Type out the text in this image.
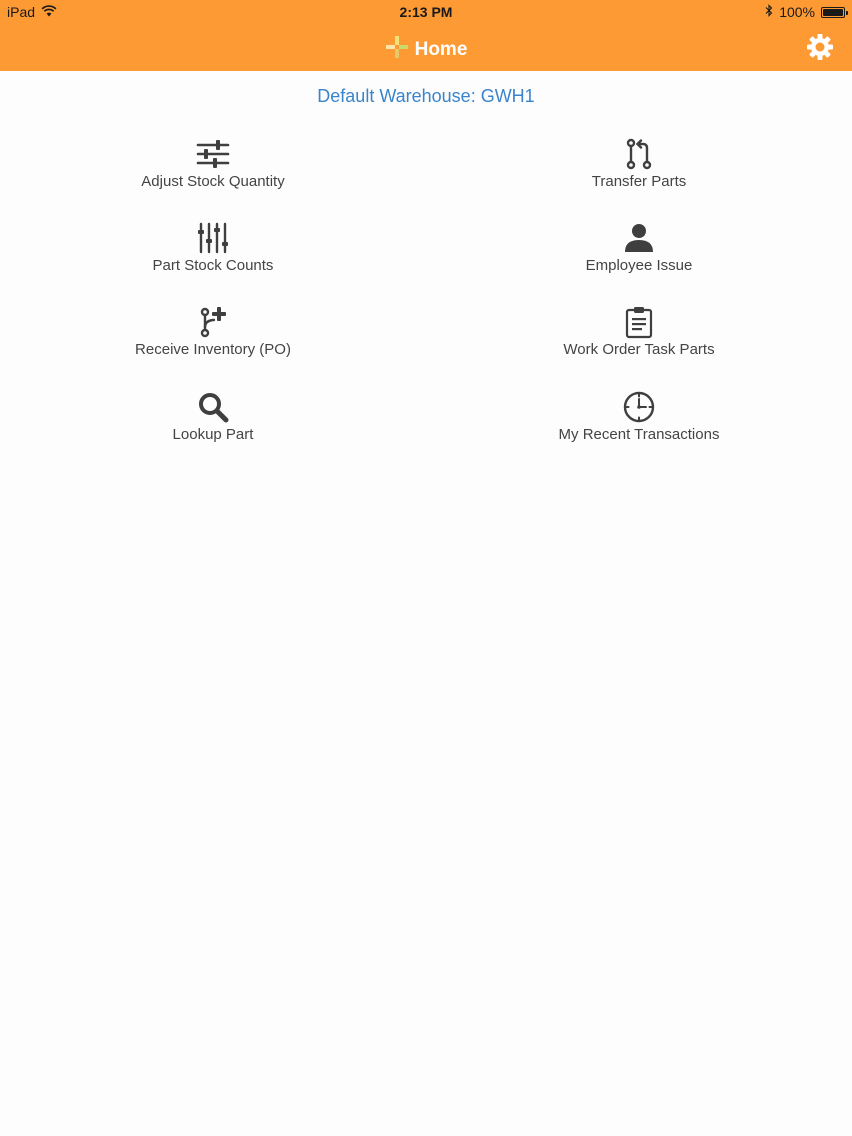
iPad	2:13 PM	100%
Home
Default Warehouse: GWH1
Adjust Stock Quantity	Transfer Parts
Part Stock Counts	Employee Issue
Receive Inventory (PO)	Work Order Task Parts
Lookup Part	My Recent Transactions
